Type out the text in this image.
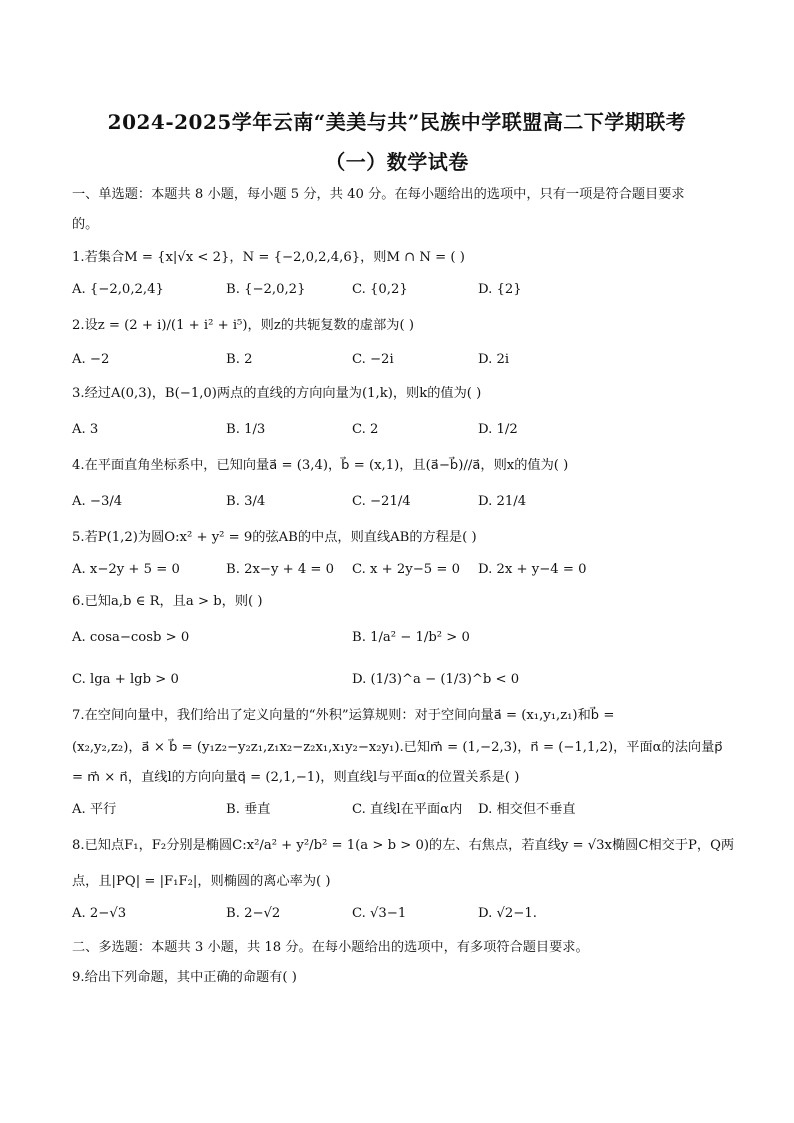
2024-2025学年云南“美美与共”民族中学联盟高二下学期联考
（一）数学试卷
一、单选题：本题共 8 小题，每小题 5 分，共 40 分。在每小题给出的选项中，只有一项是符合题目要求
的。
1.若集合M = {x|√x < 2}，N = {−2,0,2,4,6}，则M ∩ N = ( )
A. {−2,0,2,4}	B. {−2,0,2}	C. {0,2}	D. {2}
2.设z = (2 + i)/(1 + i² + i⁵)，则z的共轭复数的虚部为( )
A. −2	B. 2	C. −2i	D. 2i
3.经过A(0,3)，B(−1,0)两点的直线的方向向量为(1,k)，则k的值为( )
A. 3	B. 1/3	C. 2	D. 1/2
4.在平面直角坐标系中，已知向量a⃗ = (3,4)，b⃗ = (x,1)，且(a⃗−b⃗)//a⃗，则x的值为( )
A. −3/4	B. 3/4	C. −21/4	D. 21/4
5.若P(1,2)为圆O:x² + y² = 9的弦AB的中点，则直线AB的方程是( )
A. x−2y + 5 = 0	B. 2x−y + 4 = 0 C. x + 2y−5 = 0 D. 2x + y−4 = 0
6.已知a,b ∈ R，且a > b，则( )
A. cosa−cosb > 0	B. 1/a² − 1/b² > 0
C. lga + lgb > 0	D. (1/3)^a − (1/3)^b < 0
7.在空间向量中，我们给出了定义向量的“外积”运算规则：对于空间向量a⃗ = (x₁,y₁,z₁)和b⃗ =
(x₂,y₂,z₂)，a⃗ × b⃗ = (y₁z₂−y₂z₁,z₁x₂−z₂x₁,x₁y₂−x₂y₁).已知m⃗ = (1,−2,3)，n⃗ = (−1,1,2)，平面α的法向量p⃗
= m⃗ × n⃗，直线l的方向向量q⃗ = (2,1,−1)，则直线l与平面α的位置关系是( )
A. 平行	B. 垂直	C. 直线l在平面α内 D. 相交但不垂直
8.已知点F₁，F₂分别是椭圆C:x²/a² + y²/b² = 1(a > b > 0)的左、右焦点，若直线y = √3x椭圆C相交于P，Q两
点，且|PQ| = |F₁F₂|，则椭圆的离心率为( )
A. 2−√3	B. 2−√2	C. √3−1	D. √2−1.
二、多选题：本题共 3 小题，共 18 分。在每小题给出的选项中，有多项符合题目要求。
9.给出下列命题，其中正确的命题有( )
